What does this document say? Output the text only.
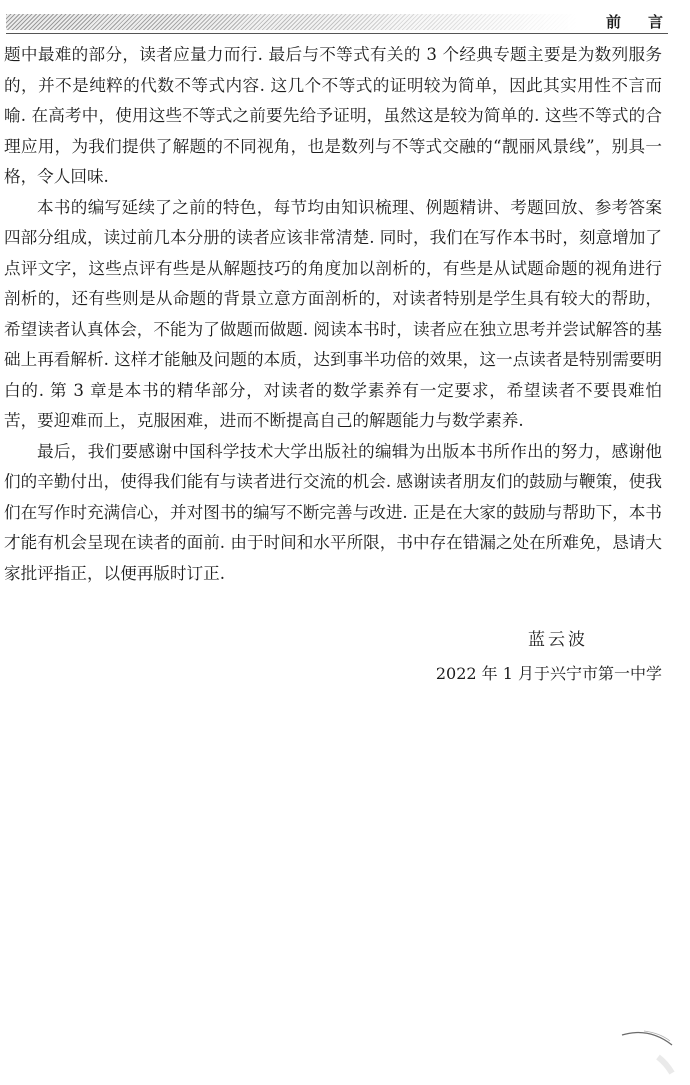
前言

题中最难的部分，读者应量力而行. 最后与不等式有关的 3 个经典专题主要是为数列服务的，并不是纯粹的代数不等式内容. 这几个不等式的证明较为简单，因此其实用性不言而喻. 在高考中，使用这些不等式之前要先给予证明，虽然这是较为简单的. 这些不等式的合理应用，为我们提供了解题的不同视角，也是数列与不等式交融的“靓丽风景线”，别具一格，令人回味.

本书的编写延续了之前的特色，每节均由知识梳理、例题精讲、考题回放、参考答案四部分组成，读过前几本分册的读者应该非常清楚. 同时，我们在写作本书时，刻意增加了点评文字，这些点评有些是从解题技巧的角度加以剖析的，有些是从试题命题的视角进行剖析的，还有些则是从命题的背景立意方面剖析的，对读者特别是学生具有较大的帮助，希望读者认真体会，不能为了做题而做题. 阅读本书时，读者应在独立思考并尝试解答的基础上再看解析. 这样才能触及问题的本质，达到事半功倍的效果，这一点读者是特别需要明白的. 第 3 章是本书的精华部分，对读者的数学素养有一定要求，希望读者不要畏难怕苦，要迎难而上，克服困难，进而不断提高自己的解题能力与数学素养.

最后，我们要感谢中国科学技术大学出版社的编辑为出版本书所作出的努力，感谢他们的辛勤付出，使得我们能有与读者进行交流的机会. 感谢读者朋友们的鼓励与鞭策，使我们在写作时充满信心，并对图书的编写不断完善与改进. 正是在大家的鼓励与帮助下，本书才能有机会呈现在读者的面前. 由于时间和水平所限，书中存在错漏之处在所难免，恳请大家批评指正，以便再版时订正.

蓝云波
2022 年 1 月于兴宁市第一中学
